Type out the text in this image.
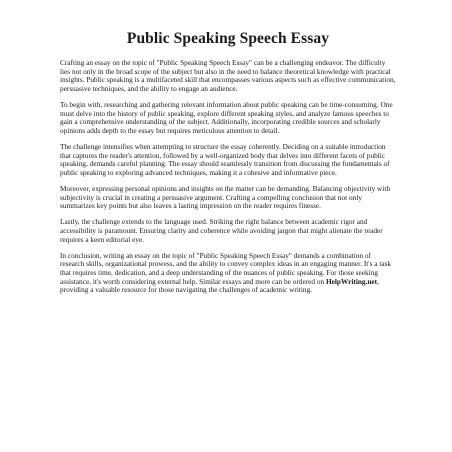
Public Speaking Speech Essay

Crafting an essay on the topic of "Public Speaking Speech Essay" can be a challenging endeavor. The difficulty lies not only in the broad scope of the subject but also in the need to balance theoretical knowledge with practical insights. Public speaking is a multifaceted skill that encompasses various aspects such as effective communication, persuasive techniques, and the ability to engage an audience.

To begin with, researching and gathering relevant information about public speaking can be time-consuming. One must delve into the history of public speaking, explore different speaking styles, and analyze famous speeches to gain a comprehensive understanding of the subject. Additionally, incorporating credible sources and scholarly opinions adds depth to the essay but requires meticulous attention to detail.

The challenge intensifies when attempting to structure the essay coherently. Deciding on a suitable introduction that captures the reader's attention, followed by a well-organized body that delves into different facets of public speaking, demands careful planning. The essay should seamlessly transition from discussing the fundamentals of public speaking to exploring advanced techniques, making it a cohesive and informative piece.

Moreover, expressing personal opinions and insights on the matter can be demanding. Balancing objectivity with subjectivity is crucial in creating a persuasive argument. Crafting a compelling conclusion that not only summarizes key points but also leaves a lasting impression on the reader requires finesse.

Lastly, the challenge extends to the language used. Striking the right balance between academic rigor and accessibility is paramount. Ensuring clarity and coherence while avoiding jargon that might alienate the reader requires a keen editorial eye.

In conclusion, writing an essay on the topic of "Public Speaking Speech Essay" demands a combination of research skills, organizational prowess, and the ability to convey complex ideas in an engaging manner. It's a task that requires time, dedication, and a deep understanding of the nuances of public speaking. For those seeking assistance, it's worth considering external help. Similar essays and more can be ordered on HelpWriting.net, providing a valuable resource for those navigating the challenges of academic writing.
